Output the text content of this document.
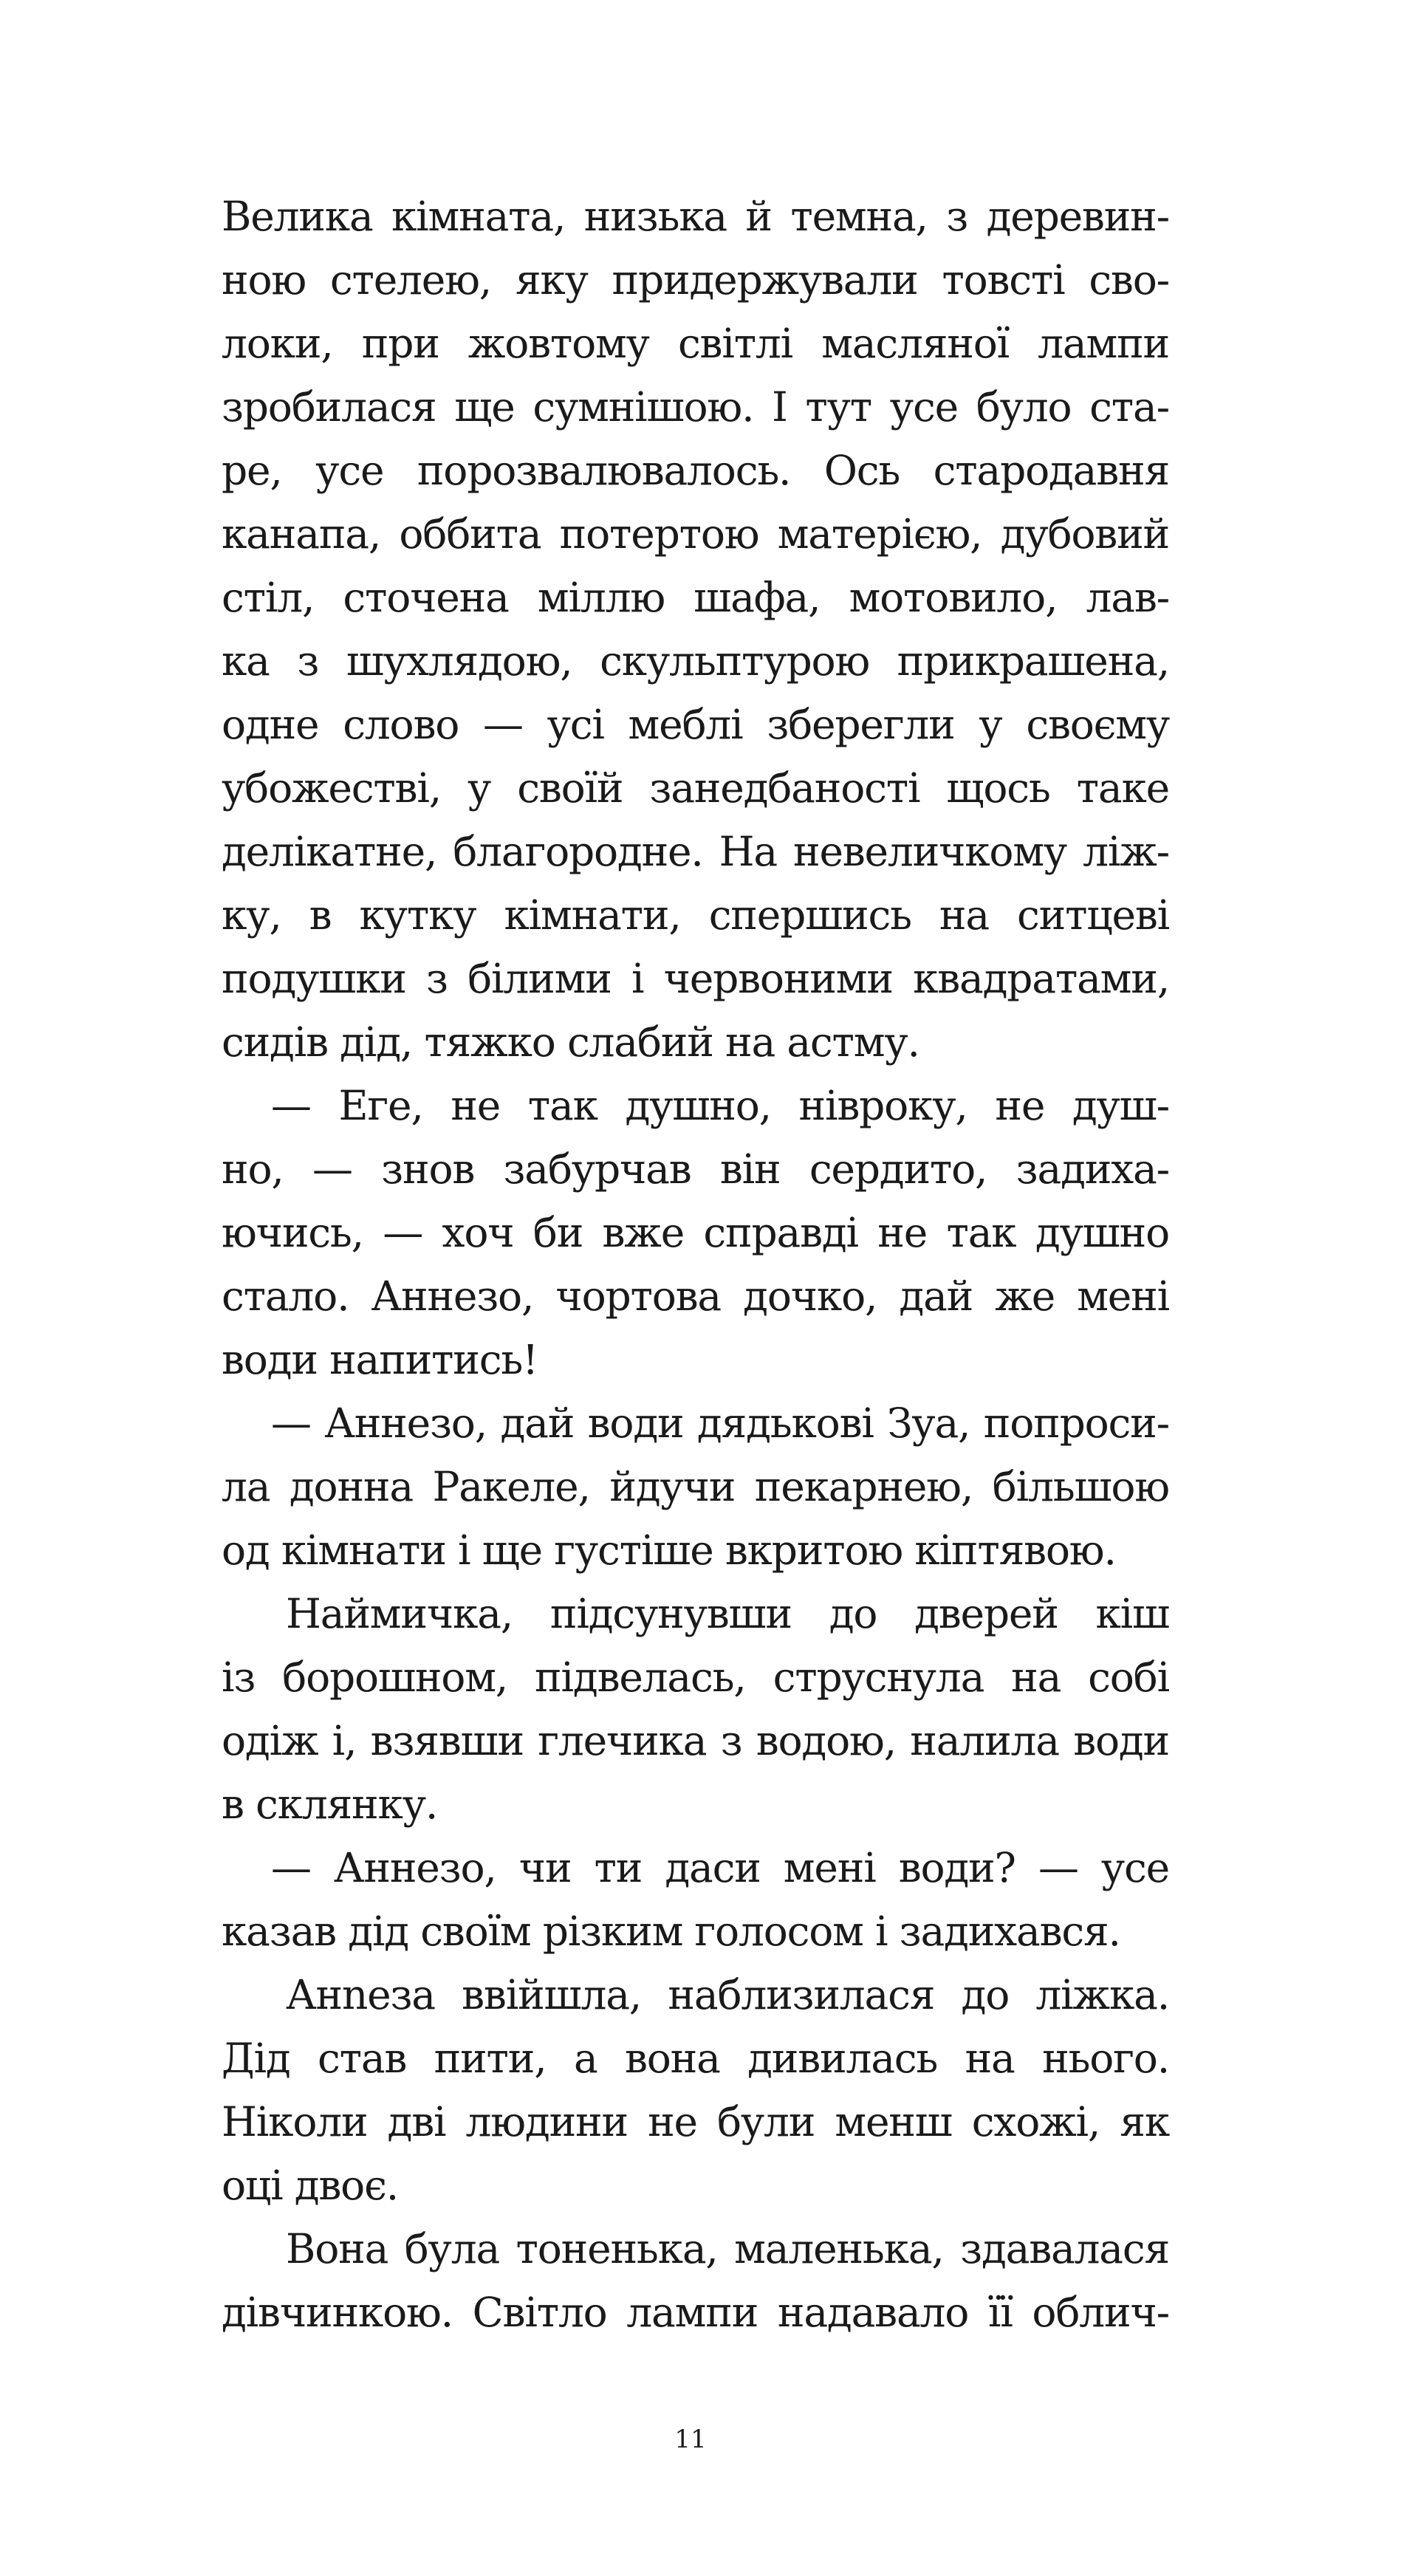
Велика кімната, низька й темна, з деревин-
ною стелею, яку придержували товсті сво-
локи, при жовтому світлі масляної лампи
зробилася ще сумнішою. І тут усе було ста-
ре, усе порозвалювалось. Ось стародавня
канапа, оббита потертою матерією, дубовий
стіл, сточена міллю шафа, мотовило, лав-
ка з шухлядою, скульптурою прикрашена,
одне слово — усі меблі зберегли у своєму
убожестві, у своїй занедбаності щось таке
делікатне, благородне. На невеличкому ліж-
ку, в кутку кімнати, спершись на ситцеві
подушки з білими і червоними квадратами,
сидів дід, тяжко слабий на астму.
— Еге, не так душно, нівроку, не душ-
но, — знов забурчав він сердито, задиха-
ючись, — хоч би вже справді не так душно
стало. Аннезо, чортова дочко, дай же мені
води напитись!
— Аннезо, дай води дядькові Зуа, попроси-
ла донна Ракеле, йдучи пекарнею, більшою
од кімнати і ще густіше вкритою кіптявою.
Наймичка, підсунувши до дверей кіш
із борошном, підвелась, струснула на собі
одіж і, взявши глечика з водою, налила води
в склянку.
— Аннезо, чи ти даси мені води? — усе
казав дід своїм різким голосом і задихався.
Анneза ввійшла, наблизилася до ліжка.
Дід став пити, а вона дивилась на нього.
Ніколи дві людини не були менш схожі, як
оці двоє.
Вона була тоненька, маленька, здавалася
дівчинкою. Світло лампи надавало її облич-
11
